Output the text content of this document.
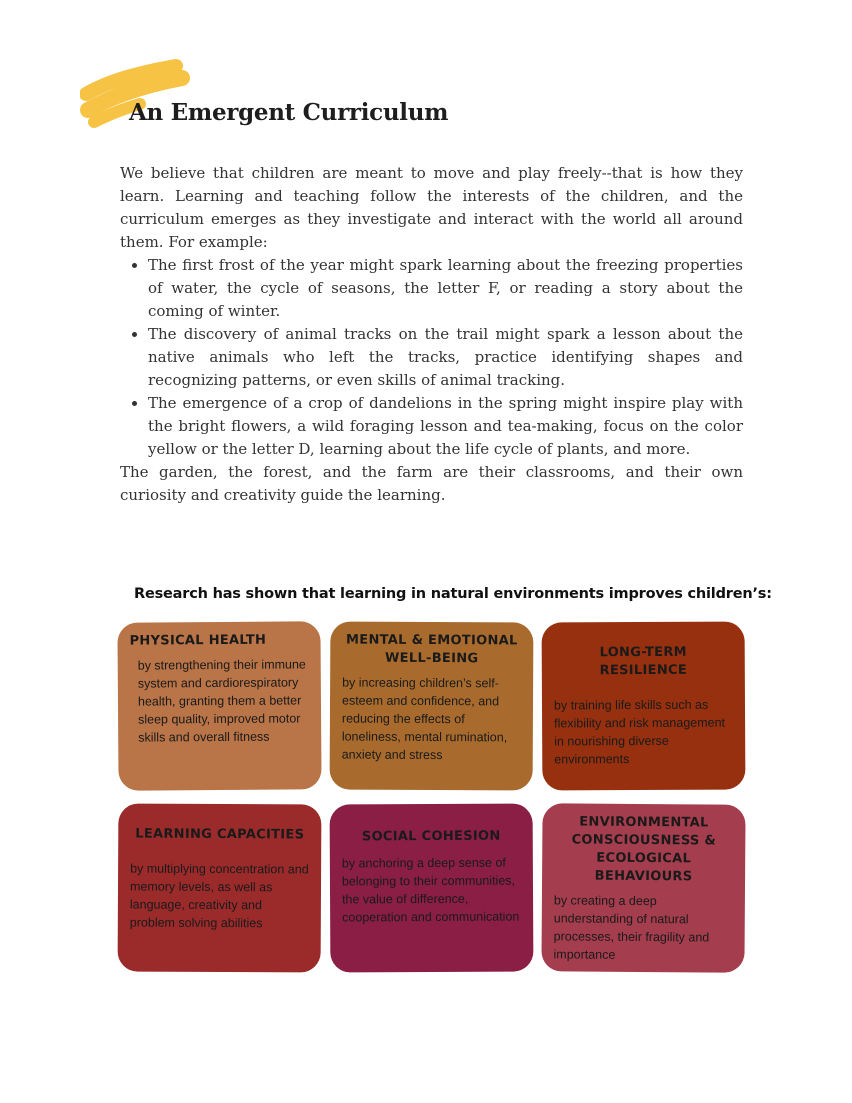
An Emergent Curriculum

We believe that children are meant to move and play freely--that is how they learn. Learning and teaching follow the interests of the children, and the curriculum emerges as they investigate and interact with the world all around them. For example:

• The first frost of the year might spark learning about the freezing properties of water, the cycle of seasons, the letter F, or reading a story about the coming of winter.
• The discovery of animal tracks on the trail might spark a lesson about the native animals who left the tracks, practice identifying shapes and recognizing patterns, or even skills of animal tracking.
• The emergence of a crop of dandelions in the spring might inspire play with the bright flowers, a wild foraging lesson and tea-making, focus on the color yellow or the letter D, learning about the life cycle of plants, and more.

The garden, the forest, and the farm are their classrooms, and their own curiosity and creativity guide the learning.

Research has shown that learning in natural environments improves children’s:
PHYSICAL HEALTH

by strengthening their immune system and cardiorespiratory health, granting them a better sleep quality, improved motor skills and overall fitness

MENTAL & EMOTIONAL WELL-BEING

by increasing children’s self-esteem and confidence, and reducing the effects of loneliness, mental rumination, anxiety and stress

LONG-TERM RESILIENCE

by training life skills such as flexibility and risk management in nourishing diverse environments

LEARNING CAPACITIES

by multiplying concentration and memory levels, as well as language, creativity and problem solving abilities

SOCIAL COHESION

by anchoring a deep sense of belonging to their communities, the value of difference, cooperation and communication

ENVIRONMENTAL CONSCIOUSNESS & ECOLOGICAL BEHAVIOURS

by creating a deep understanding of natural processes, their fragility and importance
